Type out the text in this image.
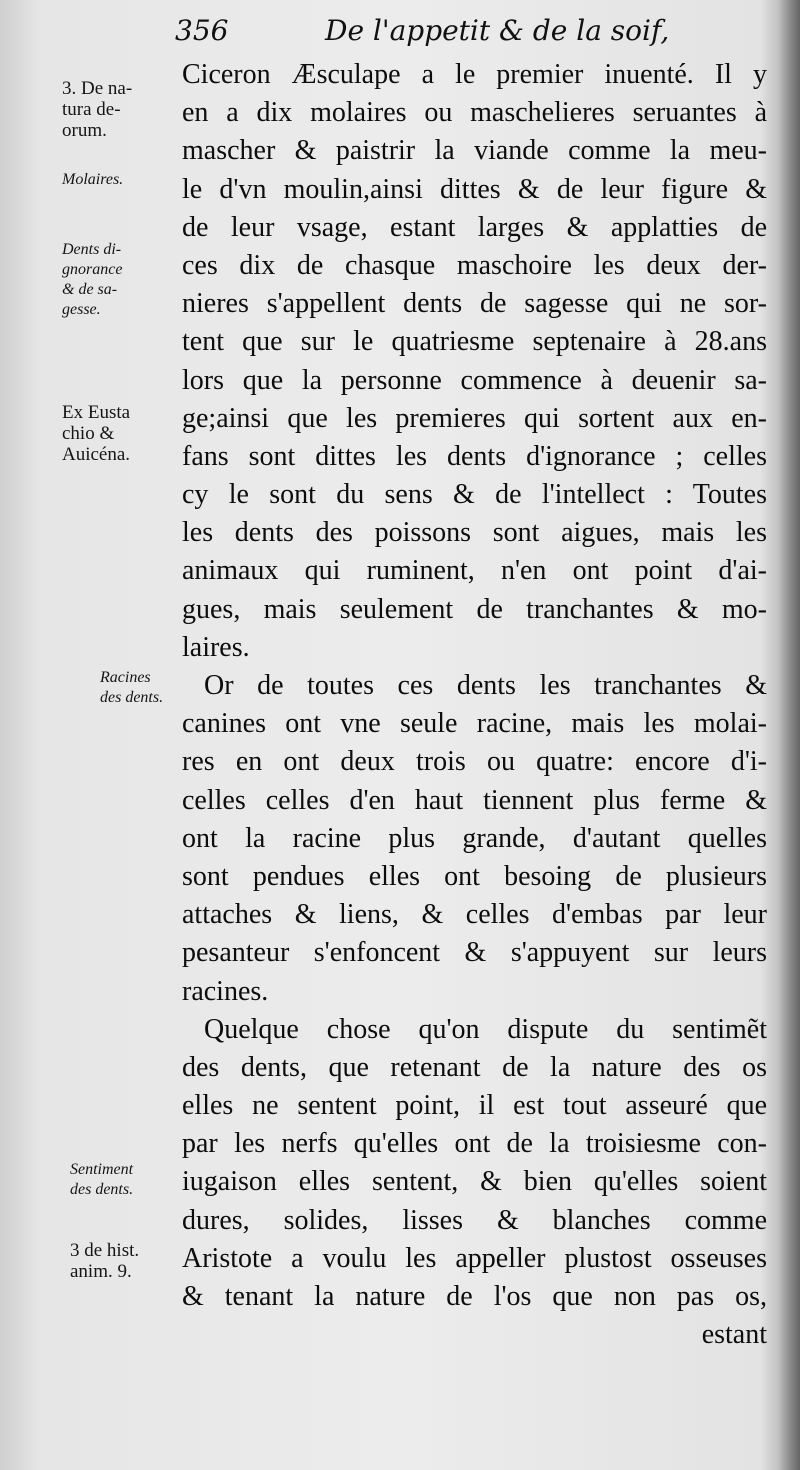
356	De l'appetit & de la soif,
3. De na-
tura de-
orum.
Molaires.
Dents di-
gnorance
& de sa-
gesse.
Ex Eusta
chio &
Auicéna.
Racines
des dents.
Sentiment
des dents.
3 de hist.
anim. 9.
Ciceron Æsculape a le premier inuenté. Il y
en a dix molaires ou maschelieres seruantes à
mascher & paistrir la viande comme la meu-
le d'vn moulin,ainsi dittes & de leur figure &
de leur vsage, estant larges & applatties de
ces dix de chasque maschoire les deux der-
nieres s'appellent dents de sagesse qui ne sor-
tent que sur le quatriesme septenaire à 28.ans
lors que la personne commence à deuenir sa-
ge;ainsi que les premieres qui sortent aux en-
fans sont dittes les dents d'ignorance ; celles
cy le sont du sens & de l'intellect : Toutes
les dents des poissons sont aigues, mais les
animaux qui ruminent, n'en ont point d'ai-
gues, mais seulement de tranchantes & mo-
laires.
Or de toutes ces dents les tranchantes &
canines ont vne seule racine, mais les molai-
res en ont deux trois ou quatre: encore d'i-
celles celles d'en haut tiennent plus ferme &
ont la racine plus grande, d'autant quelles
sont pendues elles ont besoing de plusieurs
attaches & liens, & celles d'embas par leur
pesanteur s'enfoncent & s'appuyent sur leurs
racines.
Quelque chose qu'on dispute du sentimẽt
des dents, que retenant de la nature des os
elles ne sentent point, il est tout asseuré que
par les nerfs qu'elles ont de la troisiesme con-
iugaison elles sentent, & bien qu'elles soient
dures, solides, lisses & blanches comme
Aristote a voulu les appeller plustost osseuses
& tenant la nature de l'os que non pas os,
estant
